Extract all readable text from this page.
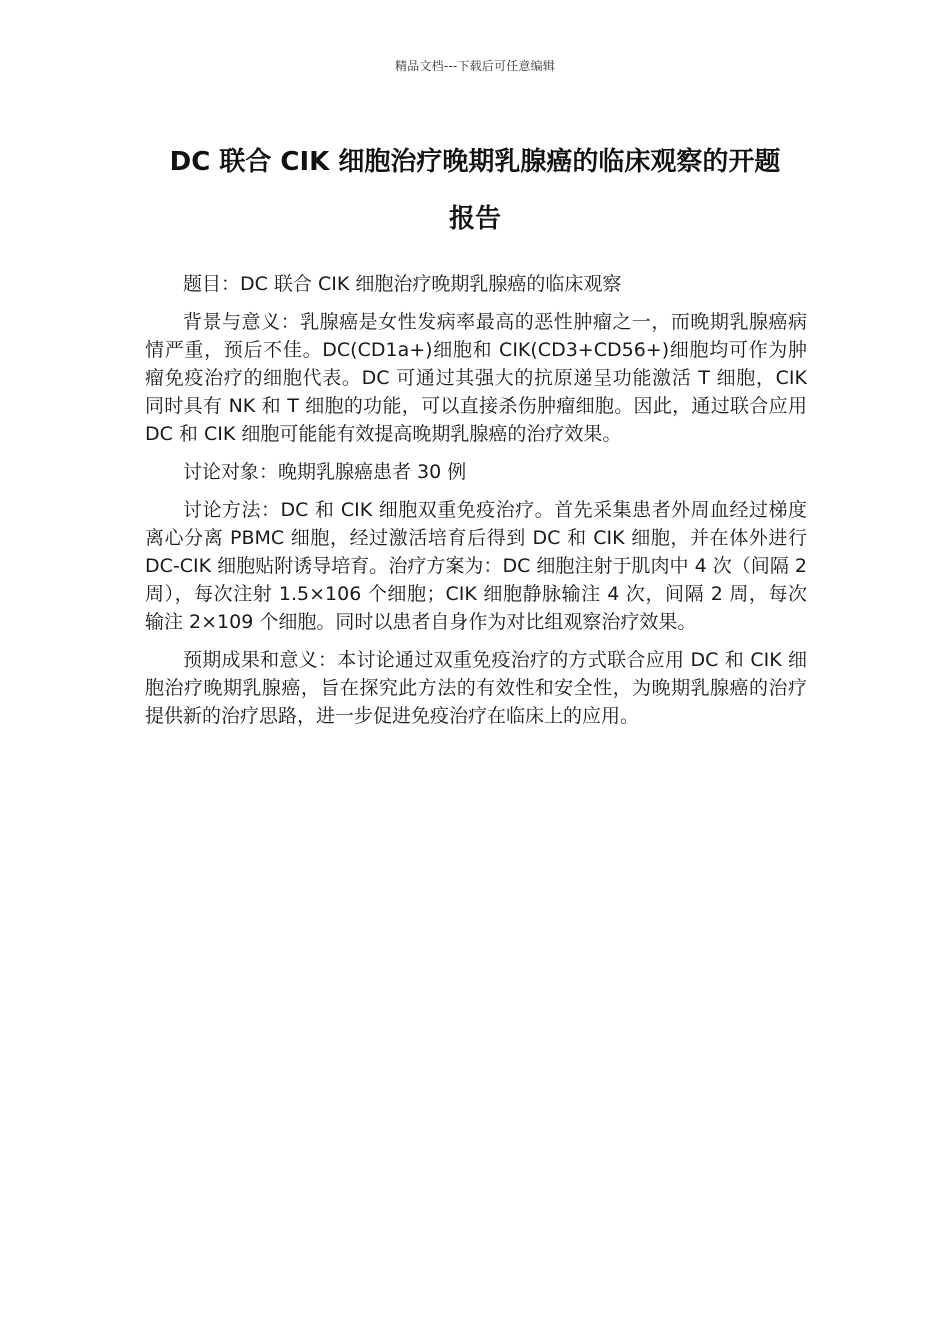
精品文档---下载后可任意编辑
DC 联合 CIK 细胞治疗晚期乳腺癌的临床观察的开题
报告

题目：DC 联合 CIK 细胞治疗晚期乳腺癌的临床观察

背景与意义：乳腺癌是女性发病率最高的恶性肿瘤之一，而晚期乳腺癌病情严重，预后不佳。DC(CD1a+)细胞和 CIK(CD3+CD56+)细胞均可作为肿瘤免疫治疗的细胞代表。DC 可通过其强大的抗原递呈功能激活 T 细胞，CIK 同时具有 NK 和 T 细胞的功能，可以直接杀伤肿瘤细胞。因此，通过联合应用 DC 和 CIK 细胞可能能有效提高晚期乳腺癌的治疗效果。

讨论对象：晚期乳腺癌患者 30 例

讨论方法：DC 和 CIK 细胞双重免疫治疗。首先采集患者外周血经过梯度离心分离 PBMC 细胞，经过激活培育后得到 DC 和 CIK 细胞，并在体外进行 DC-CIK 细胞贴附诱导培育。治疗方案为：DC 细胞注射于肌肉中 4 次（间隔 2 周），每次注射 1.5×106 个细胞；CIK 细胞静脉输注 4 次，间隔 2 周，每次输注 2×109 个细胞。同时以患者自身作为对比组观察治疗效果。

预期成果和意义：本讨论通过双重免疫治疗的方式联合应用 DC 和 CIK 细胞治疗晚期乳腺癌，旨在探究此方法的有效性和安全性，为晚期乳腺癌的治疗提供新的治疗思路，进一步促进免疫治疗在临床上的应用。
